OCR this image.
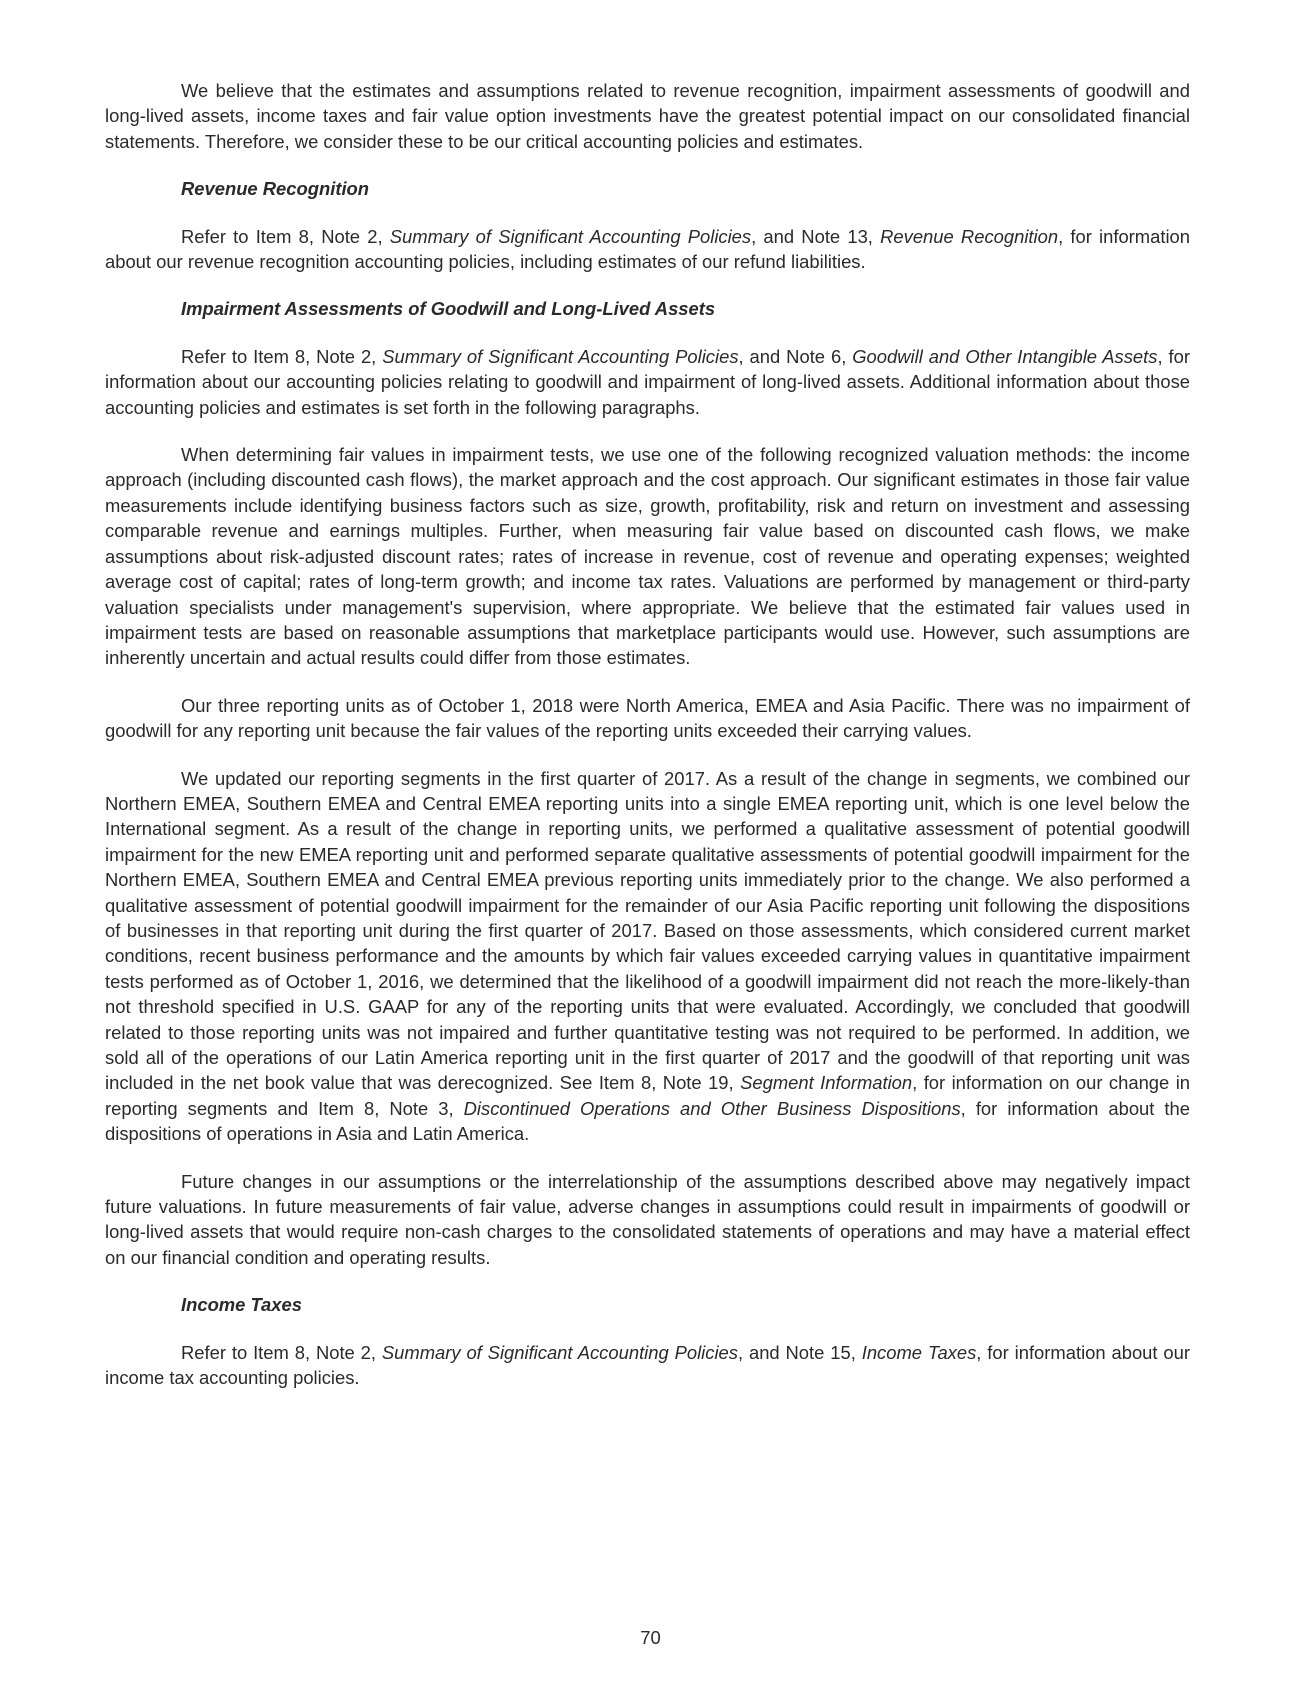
We believe that the estimates and assumptions related to revenue recognition, impairment assessments of goodwill and long-lived assets, income taxes and fair value option investments have the greatest potential impact on our consolidated financial statements. Therefore, we consider these to be our critical accounting policies and estimates.

Revenue Recognition

Refer to Item 8, Note 2, Summary of Significant Accounting Policies, and Note 13, Revenue Recognition, for information about our revenue recognition accounting policies, including estimates of our refund liabilities.

Impairment Assessments of Goodwill and Long-Lived Assets

Refer to Item 8, Note 2, Summary of Significant Accounting Policies, and Note 6, Goodwill and Other Intangible Assets, for information about our accounting policies relating to goodwill and impairment of long-lived assets. Additional information about those accounting policies and estimates is set forth in the following paragraphs.

When determining fair values in impairment tests, we use one of the following recognized valuation methods: the income approach (including discounted cash flows), the market approach and the cost approach. Our significant estimates in those fair value measurements include identifying business factors such as size, growth, profitability, risk and return on investment and assessing comparable revenue and earnings multiples. Further, when measuring fair value based on discounted cash flows, we make assumptions about risk-adjusted discount rates; rates of increase in revenue, cost of revenue and operating expenses; weighted average cost of capital; rates of long-term growth; and income tax rates. Valuations are performed by management or third-party valuation specialists under management's supervision, where appropriate. We believe that the estimated fair values used in impairment tests are based on reasonable assumptions that marketplace participants would use. However, such assumptions are inherently uncertain and actual results could differ from those estimates.

Our three reporting units as of October 1, 2018 were North America, EMEA and Asia Pacific. There was no impairment of goodwill for any reporting unit because the fair values of the reporting units exceeded their carrying values.

We updated our reporting segments in the first quarter of 2017. As a result of the change in segments, we combined our Northern EMEA, Southern EMEA and Central EMEA reporting units into a single EMEA reporting unit, which is one level below the International segment. As a result of the change in reporting units, we performed a qualitative assessment of potential goodwill impairment for the new EMEA reporting unit and performed separate qualitative assessments of potential goodwill impairment for the Northern EMEA, Southern EMEA and Central EMEA previous reporting units immediately prior to the change. We also performed a qualitative assessment of potential goodwill impairment for the remainder of our Asia Pacific reporting unit following the dispositions of businesses in that reporting unit during the first quarter of 2017. Based on those assessments, which considered current market conditions, recent business performance and the amounts by which fair values exceeded carrying values in quantitative impairment tests performed as of October 1, 2016, we determined that the likelihood of a goodwill impairment did not reach the more-likely-than not threshold specified in U.S. GAAP for any of the reporting units that were evaluated. Accordingly, we concluded that goodwill related to those reporting units was not impaired and further quantitative testing was not required to be performed. In addition, we sold all of the operations of our Latin America reporting unit in the first quarter of 2017 and the goodwill of that reporting unit was included in the net book value that was derecognized. See Item 8, Note 19, Segment Information, for information on our change in reporting segments and Item 8, Note 3, Discontinued Operations and Other Business Dispositions, for information about the dispositions of operations in Asia and Latin America.

Future changes in our assumptions or the interrelationship of the assumptions described above may negatively impact future valuations. In future measurements of fair value, adverse changes in assumptions could result in impairments of goodwill or long-lived assets that would require non-cash charges to the consolidated statements of operations and may have a material effect on our financial condition and operating results.

Income Taxes

Refer to Item 8, Note 2, Summary of Significant Accounting Policies, and Note 15, Income Taxes, for information about our income tax accounting policies.

70
